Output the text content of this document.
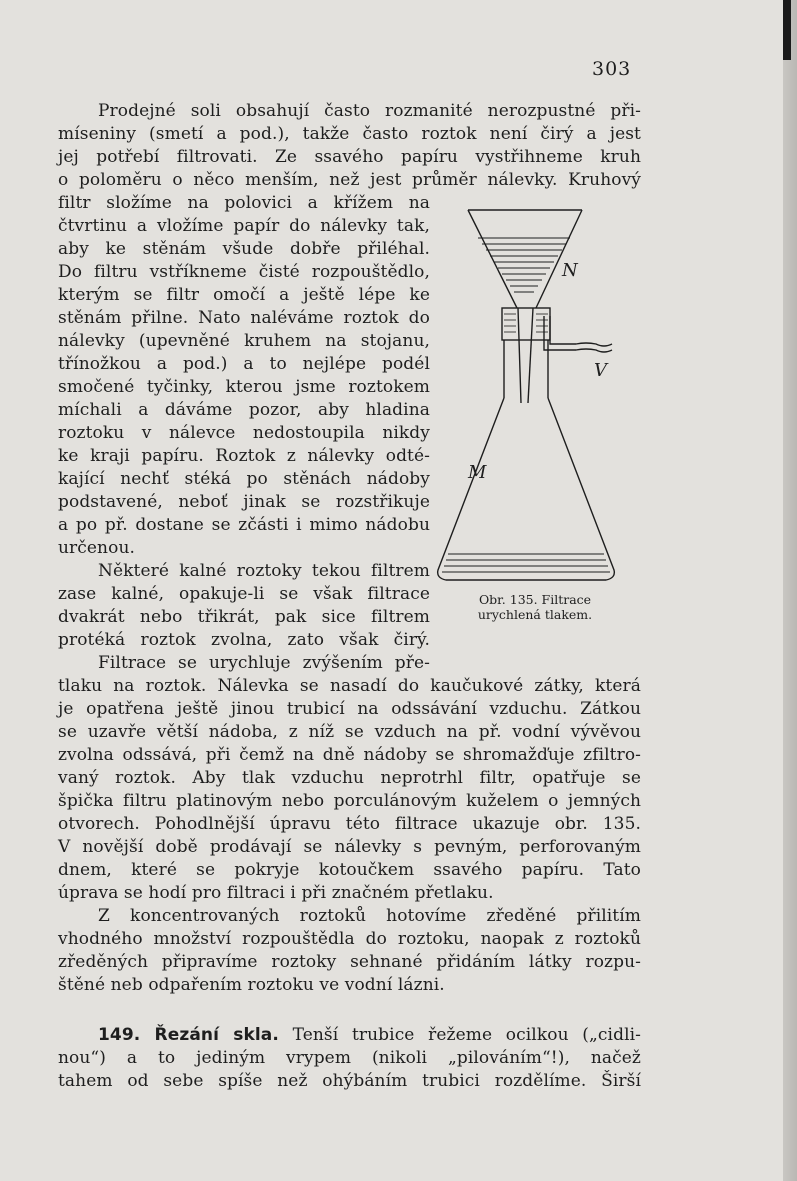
303
Prodejné soli obsahují často rozmanité nerozpustné při-
míseniny (smetí a pod.), takže často roztok není čirý a jest
jej potřebí filtrovati. Ze ssavého papíru vystřihneme kruh
o poloměru o něco menším, než jest průměr nálevky. Kruhový
filtr složíme na polovici a křížem na
čtvrtinu a vložíme papír do nálevky tak,
aby ke stěnám všude dobře přiléhal.
Do filtru vstříkneme čisté rozpouštědlo,
kterým se filtr omočí a ještě lépe ke
stěnám přilne. Nato naléváme roztok do
nálevky (upevněné kruhem na stojanu,
třínožkou a pod.) a to nejlépe podél
smočené tyčinky, kterou jsme roztokem
míchali a dáváme pozor, aby hladina
roztoku v nálevce nedostoupila nikdy
ke kraji papíru. Roztok z nálevky odté-
kající nechť stéká po stěnách nádoby
podstavené, neboť jinak se rozstřikuje
a po př. dostane se zčásti i mimo nádobu
určenou.
Některé kalné roztoky tekou filtrem
zase kalné, opakuje-li se však filtrace
dvakrát nebo třikrát, pak sice filtrem
protéká roztok zvolna, zato však čirý.
Filtrace se urychluje zvýšením pře-
tlaku na roztok. Nálevka se nasadí do kaučukové zátky, která
je opatřena ještě jinou trubicí na odssávání vzduchu. Zátkou
se uzavře větší nádoba, z níž se vzduch na př. vodní vývěvou
zvolna odssává, při čemž na dně nádoby se shromažďuje zfiltro-
vaný roztok. Aby tlak vzduchu neprotrhl filtr, opatřuje se
špička filtru platinovým nebo porculánovým kuželem o jemných
otvorech. Pohodlnější úpravu této filtrace ukazuje obr. 135.
V novější době prodávají se nálevky s pevným, perforovaným
dnem, které se pokryje kotoučkem ssavého papíru. Tato
úprava se hodí pro filtraci i při značném přetlaku.
Z koncentrovaných roztoků hotovíme zředěné přilitím
vhodného množství rozpouštědla do roztoku, naopak z roztoků
zředěných připravíme roztoky sehnané přidáním látky rozpu-
štěné neb odpařením roztoku ve vodní lázni.
149. Řezání skla. Tenší trubice řežeme ocilkou („cidli-
nou“) a to jediným vrypem (nikoli „pilováním“!), načež
tahem od sebe spíše než ohýbáním trubici rozdělíme. Širší
N
V
M
Obr. 135. Filtrace
urychlená tlakem.
